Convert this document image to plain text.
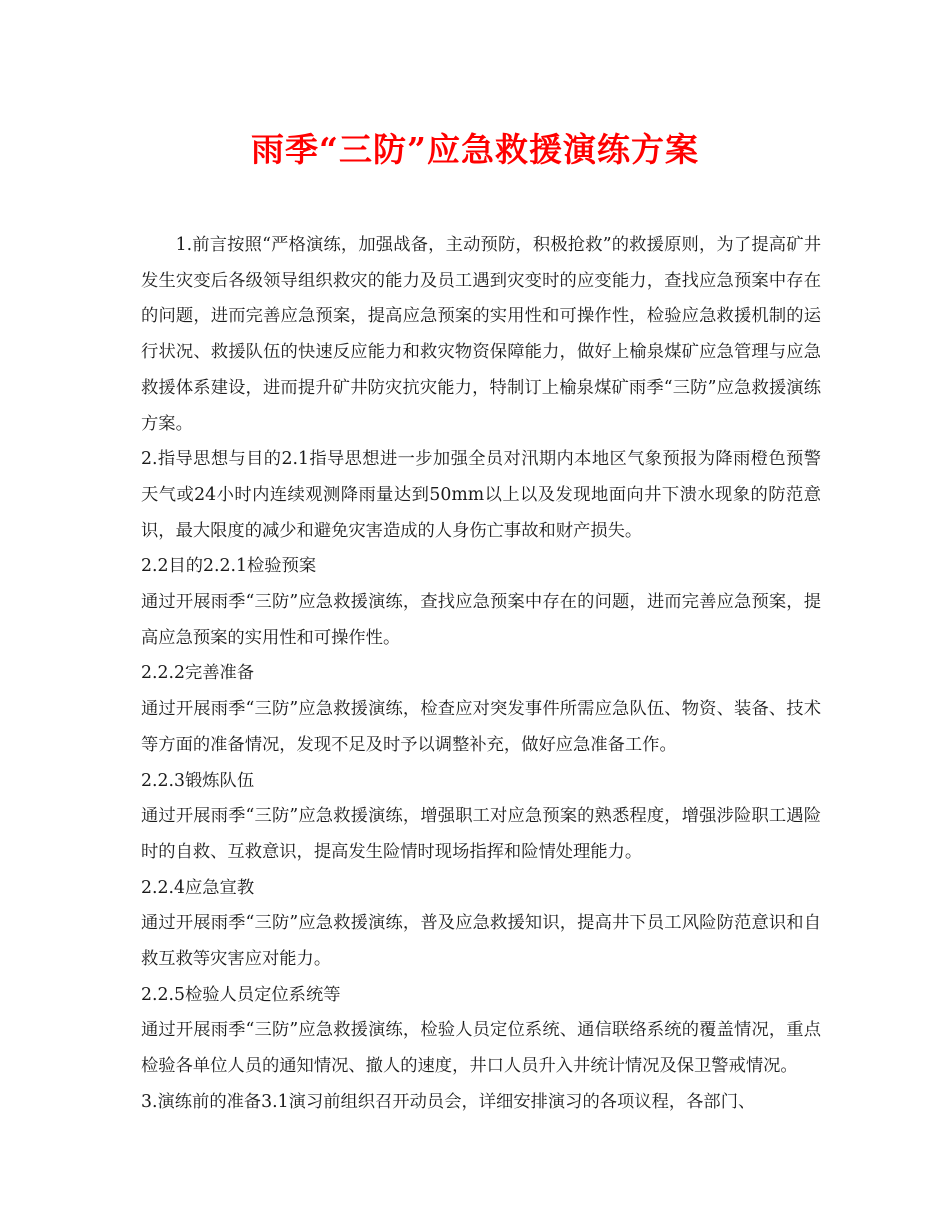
雨季“三防”应急救援演练方案

1.前言按照“严格演练，加强战备，主动预防，积极抢救”的救援原则，为了提高矿井发生灾变后各级领导组织救灾的能力及员工遇到灾变时的应变能力，查找应急预案中存在的问题，进而完善应急预案，提高应急预案的实用性和可操作性，检验应急救援机制的运行状况、救援队伍的快速反应能力和救灾物资保障能力，做好上榆泉煤矿应急管理与应急救援体系建设，进而提升矿井防灾抗灾能力，特制订上榆泉煤矿雨季“三防”应急救援演练方案。

2.指导思想与目的2.1指导思想进一步加强全员对汛期内本地区气象预报为降雨橙色预警天气或24小时内连续观测降雨量达到50mm以上以及发现地面向井下溃水现象的防范意识，最大限度的减少和避免灾害造成的人身伤亡事故和财产损失。

2.2目的2.2.1检验预案

通过开展雨季“三防”应急救援演练，查找应急预案中存在的问题，进而完善应急预案，提高应急预案的实用性和可操作性。

2.2.2完善准备

通过开展雨季“三防”应急救援演练，检查应对突发事件所需应急队伍、物资、装备、技术等方面的准备情况，发现不足及时予以调整补充，做好应急准备工作。

2.2.3锻炼队伍

通过开展雨季“三防”应急救援演练，增强职工对应急预案的熟悉程度，增强涉险职工遇险时的自救、互救意识，提高发生险情时现场指挥和险情处理能力。

2.2.4应急宣教

通过开展雨季“三防”应急救援演练，普及应急救援知识，提高井下员工风险防范意识和自救互救等灾害应对能力。

2.2.5检验人员定位系统等

通过开展雨季“三防”应急救援演练，检验人员定位系统、通信联络系统的覆盖情况，重点检验各单位人员的通知情况、撤人的速度，井口人员升入井统计情况及保卫警戒情况。

3.演练前的准备3.1演习前组织召开动员会，详细安排演习的各项议程，各部门、
